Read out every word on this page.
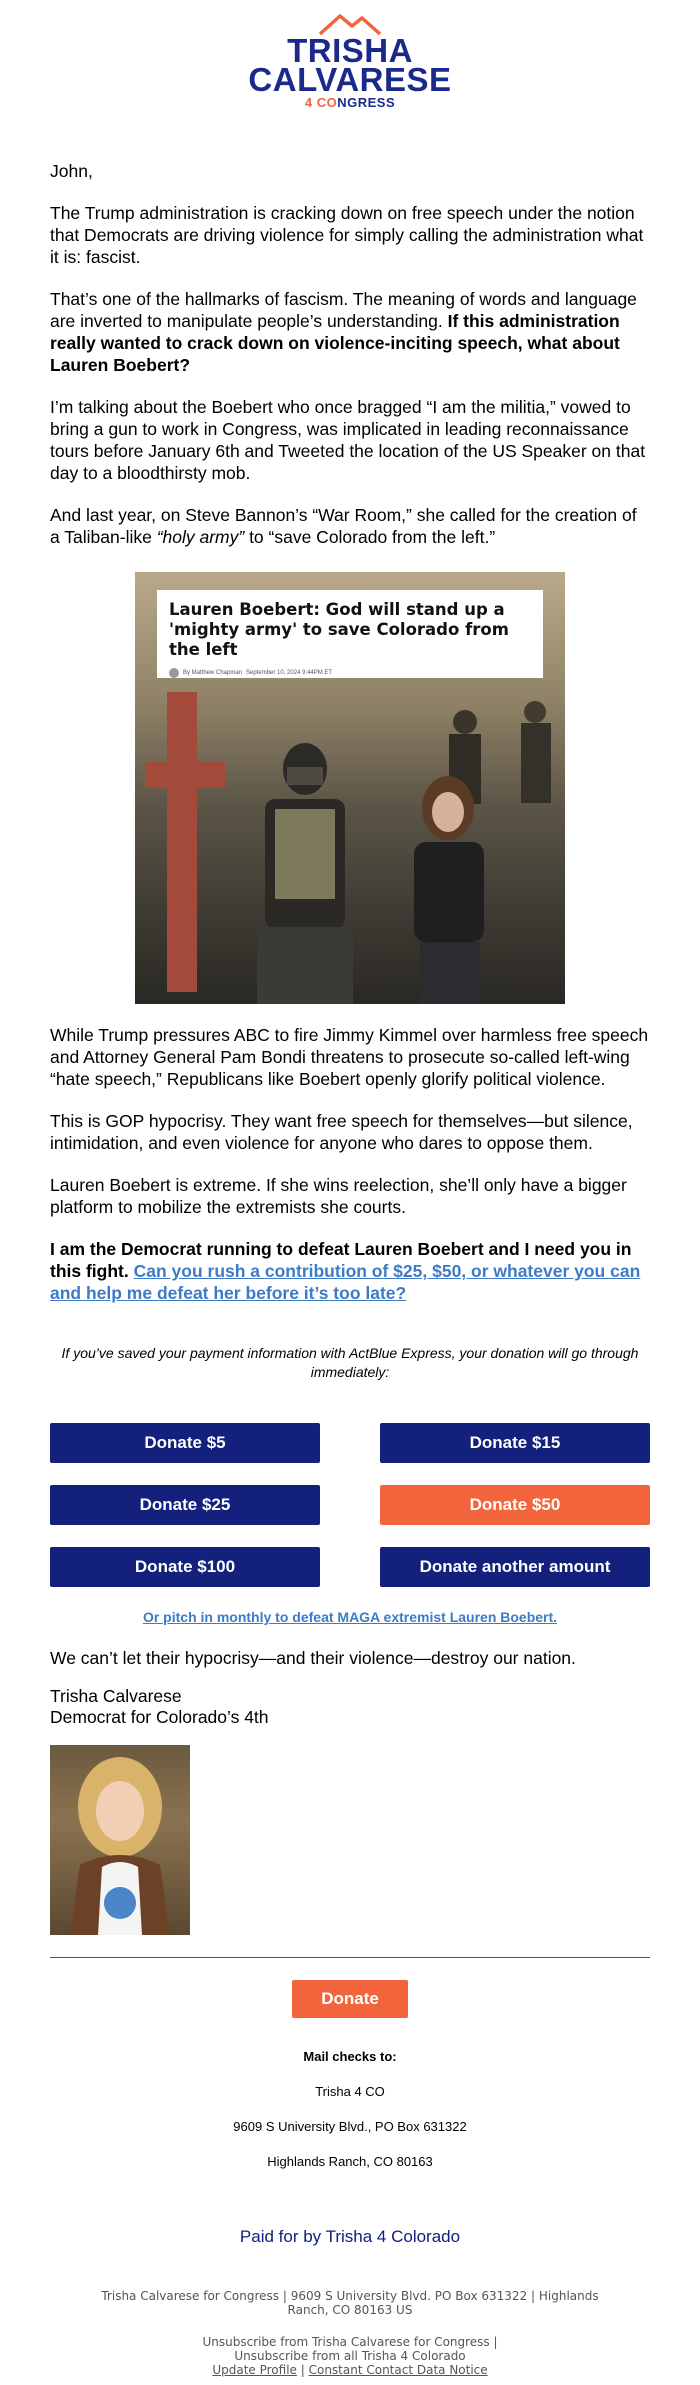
TRISHA
CALVARESE
4 CONGRESS
John,

The Trump administration is cracking down on free speech under the notion that Democrats are driving violence for simply calling the administration what it is: fascist.

That’s one of the hallmarks of fascism. The meaning of words and language are inverted to manipulate people’s understanding. If this administration really wanted to crack down on violence-inciting speech, what about Lauren Boebert?

I’m talking about the Boebert who once bragged “I am the militia,” vowed to bring a gun to work in Congress, was implicated in leading reconnaissance tours before January 6th and Tweeted the location of the US Speaker on that day to a bloodthirsty mob.

And last year, on Steve Bannon’s “War Room,” she called for the creation of a Taliban-like “holy army” to “save Colorado from the left.”

Lauren Boebert: God will stand up a 'mighty army' to save Colorado from the left
By Matthew Chapman September 10, 2024 9:44PM ET

While Trump pressures ABC to fire Jimmy Kimmel over harmless free speech and Attorney General Pam Bondi threatens to prosecute so-called left-wing “hate speech,” Republicans like Boebert openly glorify political violence.

This is GOP hypocrisy. They want free speech for themselves—but silence, intimidation, and even violence for anyone who dares to oppose them.

Lauren Boebert is extreme. If she wins reelection, she’ll only have a bigger platform to mobilize the extremists she courts.

I am the Democrat running to defeat Lauren Boebert and I need you in this fight. Can you rush a contribution of $25, $50, or whatever you can and help me defeat her before it’s too late?

If you’ve saved your payment information with ActBlue Express, your donation will go through immediately:
Donate $5	Donate $15
Donate $25	Donate $50
Donate $100	Donate another amount
Or pitch in monthly to defeat MAGA extremist Lauren Boebert.
We can’t let their hypocrisy—and their violence—destroy our nation.
Trisha Calvarese
Democrat for Colorado’s 4th
Donate
Mail checks to:
Trisha 4 CO
9609 S University Blvd., PO Box 631322
Highlands Ranch, CO 80163
Paid for by Trisha 4 Colorado
Trisha Calvarese for Congress | 9609 S University Blvd. PO Box 631322 | Highlands Ranch, CO 80163 US
Unsubscribe from Trisha Calvarese for Congress |
Unsubscribe from all Trisha 4 Colorado
Update Profile | Constant Contact Data Notice
